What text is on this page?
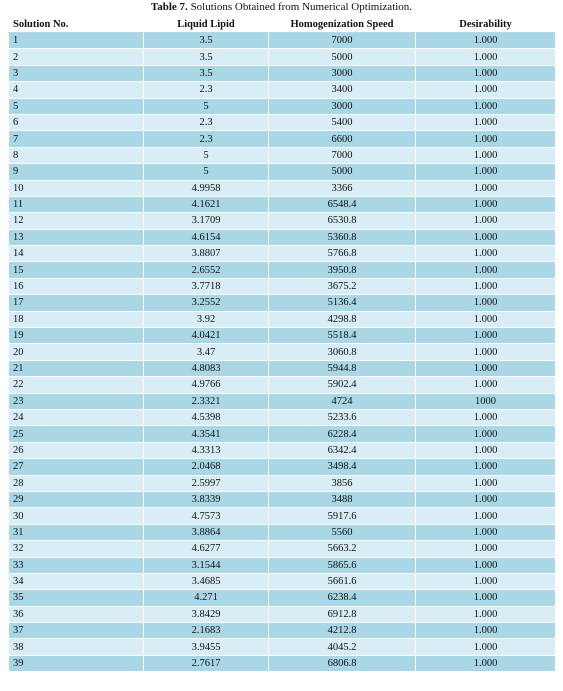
Table 7. Solutions Obtained from Numerical Optimization.
Solution No.	Liquid Lipid	Homogenization Speed	Desirability
1	3.5	7000	1.000
2	3.5	5000	1.000
3	3.5	3000	1.000
4	2.3	3400	1.000
5	5	3000	1.000
6	2.3	5400	1.000
7	2.3	6600	1.000
8	5	7000	1.000
9	5	5000	1.000
10	4.9958	3366	1.000
11	4.1621	6548.4	1.000
12	3.1709	6530.8	1.000
13	4.6154	5360.8	1.000
14	3.8807	5766.8	1.000
15	2.6552	3950.8	1.000
16	3.7718	3675.2	1.000
17	3.2552	5136.4	1.000
18	3.92	4298.8	1.000
19	4.0421	5518.4	1.000
20	3.47	3060.8	1.000
21	4.8083	5944.8	1.000
22	4.9766	5902.4	1.000
23	2.3321	4724	1000
24	4.5398	5233.6	1.000
25	4.3541	6228.4	1.000
26	4.3313	6342.4	1.000
27	2.0468	3498.4	1.000
28	2.5997	3856	1.000
29	3.8339	3488	1.000
30	4.7573	5917.6	1.000
31	3.8864	5560	1.000
32	4.6277	5663.2	1.000
33	3.1544	5865.6	1.000
34	3.4685	5661.6	1.000
35	4.271	6238.4	1.000
36	3.8429	6912.8	1.000
37	2.1683	4212.8	1.000
38	3.9455	4045.2	1.000
39	2.7617	6806.8	1.000
